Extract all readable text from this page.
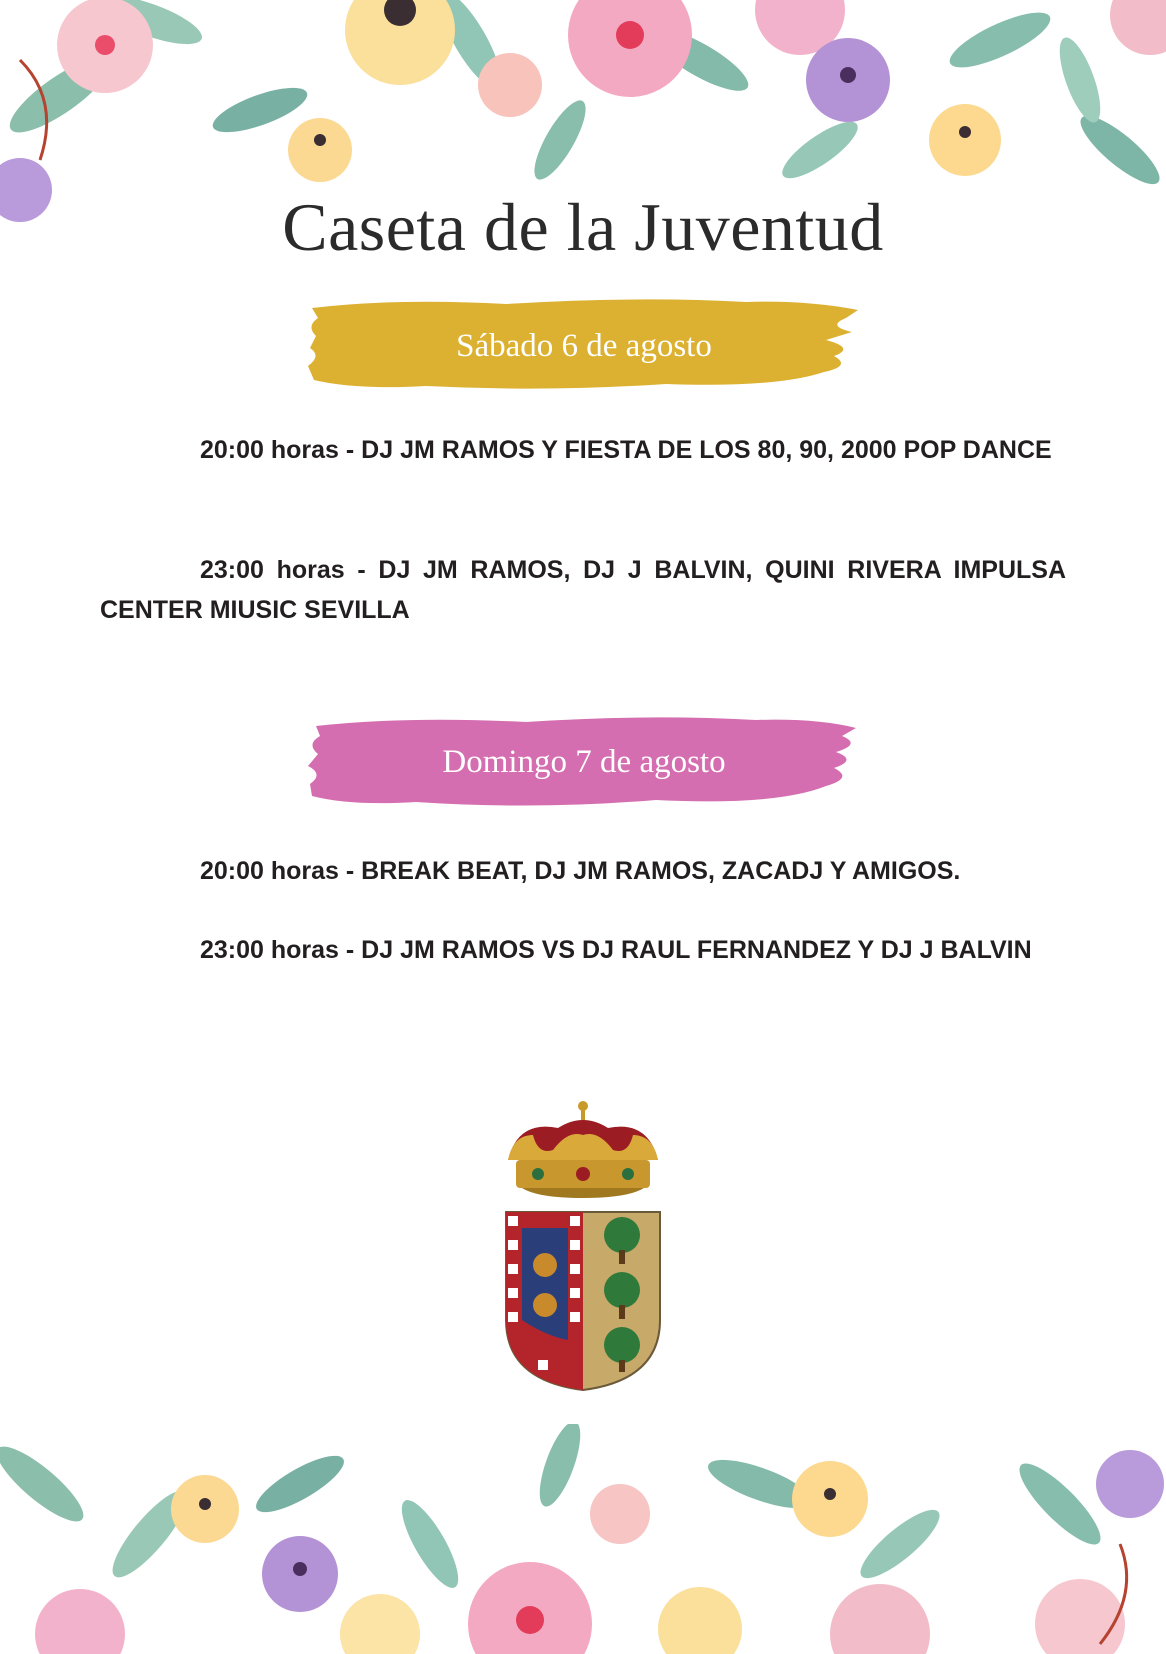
Caseta de la Juventud
Sábado 6 de agosto

20:00 horas - DJ JM RAMOS Y FIESTA DE LOS 80, 90, 2000 POP DANCE

23:00 horas - DJ JM RAMOS, DJ J BALVIN, QUINI RIVERA IMPULSA CENTER MIUSIC SEVILLA

Domingo 7 de agosto

20:00 horas - BREAK BEAT, DJ JM RAMOS, ZACADJ Y AMIGOS.

23:00 horas - DJ JM RAMOS VS DJ RAUL FERNANDEZ Y DJ J BALVIN
